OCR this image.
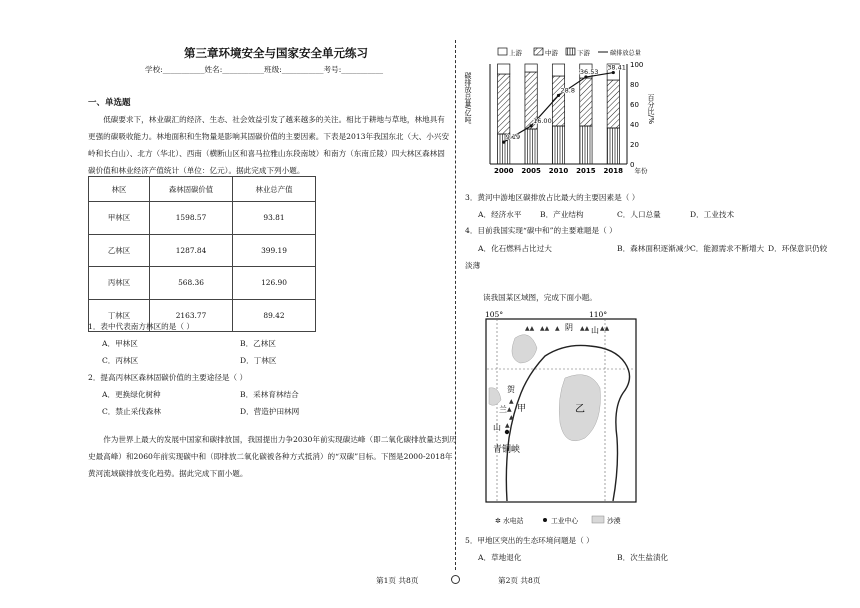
第三章环境安全与国家安全单元练习
学校:___________姓名:___________班级:___________考号:___________
一、单选题
低碳要求下，林业碳汇的经济、生态、社会效益引发了越来越多的关注。相比于耕地与草地，林地具有
更强的碳吸收能力。林地面积和生物量是影响其固碳价值的主要因素。下表是2013年我国东北（大、小兴安
岭和长白山）、北方（华北）、西南（横断山区和喜马拉雅山东段南坡）和南方（东南丘陵）四大林区森林固
碳价值和林业经济产值统计（单位：亿元）。据此完成下列小题。
林区	森林固碳价值	林业总产值
甲林区	1598.57	93.81
乙林区	1287.84	399.19
丙林区	568.36	126.90
丁林区	2163.77	89.42
1．表中代表南方林区的是（ ）
A．甲林区	B．乙林区
C．丙林区	D．丁林区
2．提高丙林区森林固碳价值的主要途径是（ ）
A．更换绿化树种	B．采林育林结合
C．禁止采伐森林	D．营造护田林网
作为世界上最大的发展中国家和碳排放国，我国提出力争2030年前实现碳达峰（即二氧化碳排放量达到历
史最高峰）和2060年前实现碳中和（即排放二氧化碳被各种方式抵消）的“双碳”目标。下图是2000-2018年
黄河流域碳排放变化趋势。据此完成下面小题。
第1页 共8页
0
20
40
60
80
100
碳排放总量/亿吨	百分比/%
上游	中游	下游	碳排放总量
2000 2005 2010 2015 2018 年份
9.19
16.00
28.8
36.53
38.41
3．黄河中游地区碳排放占比最大的主要因素是（ ）
A．经济水平 B．产业结构	C．人口总量	D．工业技术
4．目前我国实现“碳中和”的主要难题是（ ）
A．化石燃料占比过大	B．森林面积逐渐减少 C．能源需求不断增大 D．环保意识仍较
淡薄
读我国某区域图，完成下面小题。
105°	110°
▲▲ ▲▲ ▲	▲▲ ▲▲
▲
▲
▲
▲
贺
兰
山
阴 山
甲	乙
青铜峡
✲ 水电站	工业中心	沙漠
5．甲地区突出的生态环境问题是（ ）
A．草地退化	B．次生盐渍化
第2页 共8页
